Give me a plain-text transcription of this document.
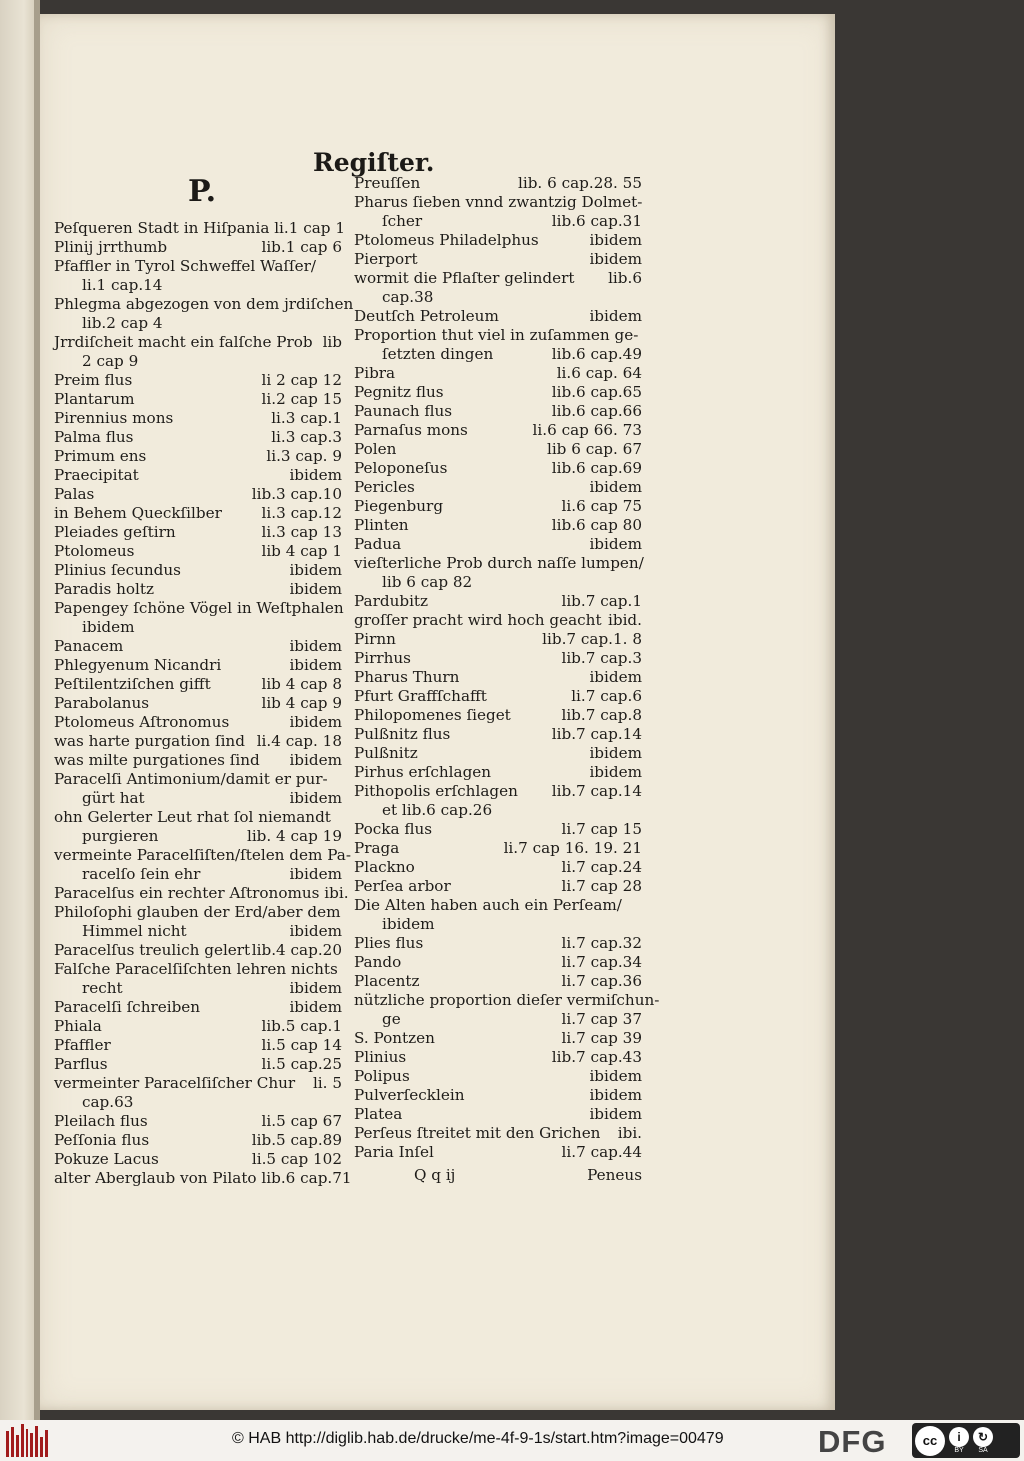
Regiſter.
P.
Peſqueren Stadt in Hiſpania li.1 cap 1
Plinij jrrthumb	lib.1 cap 6
Pfaffler in Tyrol Schweffel Waſſer/
li.1 cap.14
Phlegma abgezogen von dem jrdiſchen
lib.2 cap 4
Jrrdiſcheit macht ein falſche Prob lib
2 cap 9
Preim flus	li 2 cap 12
Plantarum	li.2 cap 15
Pirennius mons	li.3 cap.1
Palma flus	li.3 cap.3
Primum ens	li.3 cap. 9
Praecipitat	ibidem
Palas	lib.3 cap.10
in Behem Queckſilber	li.3 cap.12
Pleiades geſtirn	li.3 cap 13
Ptolomeus	lib 4 cap 1
Plinius ſecundus	ibidem
Paradis holtz	ibidem
Papengey ſchöne Vögel in Weſtphalen
ibidem
Panacem	ibidem
Phlegyenum Nicandri	ibidem
Peſtilentziſchen gifft	lib 4 cap 8
Parabolanus	lib 4 cap 9
Ptolomeus Aſtronomus	ibidem
was harte purgation ſind li.4 cap. 18
was milte purgationes ſind ibidem
Paracelſi Antimonium/damit er pur-
gürt hat	ibidem
ohn Gelerter Leut rhat ſol niemandt
purgieren	lib. 4 cap 19
vermeinte Paracelſiſten/ſtelen dem Pa-
racelſo ſein ehr	ibidem
Paracelſus ein rechter Aſtronomus ibi.
Philoſophi glauben der Erd/aber dem
Himmel nicht	ibidem
Paracelſus treulich gelert lib.4 cap.20
Falſche Paracelſiſchten lehren nichts
recht	ibidem
Paracelſi ſchreiben	ibidem
Phiala	lib.5 cap.1
Pfaffler	li.5 cap 14
Parflus	li.5 cap.25
vermeinter Paracelſiſcher Chur li. 5
cap.63
Pleilach flus	li.5 cap 67
Peſſonia flus	lib.5 cap.89
Pokuze Lacus	li.5 cap 102
alter Aberglaub von Pilato lib.6 cap.71
Preuſſen	lib. 6 cap.28. 55
Pharus ſieben vnnd zwantzig Dolmet-
ſcher	lib.6 cap.31
Ptolomeus Philadelphus	ibidem
Pierport	ibidem
wormit die Pflaſter gelindert lib.6
cap.38
Deutſch Petroleum	ibidem
Proportion thut viel in zuſammen ge-
ſetzten dingen	lib.6 cap.49
Pibra	li.6 cap. 64
Pegnitz flus	lib.6 cap.65
Paunach flus	lib.6 cap.66
Parnaſus mons	li.6 cap 66. 73
Polen	lib 6 cap. 67
Peloponeſus	lib.6 cap.69
Pericles	ibidem
Piegenburg	li.6 cap 75
Plinten	lib.6 cap 80
Padua	ibidem
vieſterliche Prob durch naſſe lumpen/
lib 6 cap 82
Pardubitz	lib.7 cap.1
groſſer pracht wird hoch geacht ibid.
Pirnn	lib.7 cap.1. 8
Pirrhus	lib.7 cap.3
Pharus Thurn	ibidem
Pfurt Graffſchafft	li.7 cap.6
Philopomenes ſieget	lib.7 cap.8
Pulßnitz flus	lib.7 cap.14
Pulßnitz	ibidem
Pirhus erſchlagen	ibidem
Pithopolis erſchlagen lib.7 cap.14
et lib.6 cap.26
Pocka flus	li.7 cap 15
Praga	li.7 cap 16. 19. 21
Plackno	li.7 cap.24
Perſea arbor	li.7 cap 28
Die Alten haben auch ein Perſeam/
ibidem
Plies flus	li.7 cap.32
Pando	li.7 cap.34
Placentz	li.7 cap.36
nützliche proportion dieſer vermiſchun-
ge	li.7 cap 37
S. Pontzen	li.7 cap 39
Plinius	lib.7 cap.43
Polipus	ibidem
Pulverſecklein	ibidem
Platea	ibidem
Perſeus ſtreitet mit den Grichen ibi.
Paria Inſel	li.7 cap.44
Q q ij	Peneus
© HAB http://diglib.hab.de/drucke/me-4f-9-1s/start.htm?image=00479	DFG	cc	i
BY
↻
SA
